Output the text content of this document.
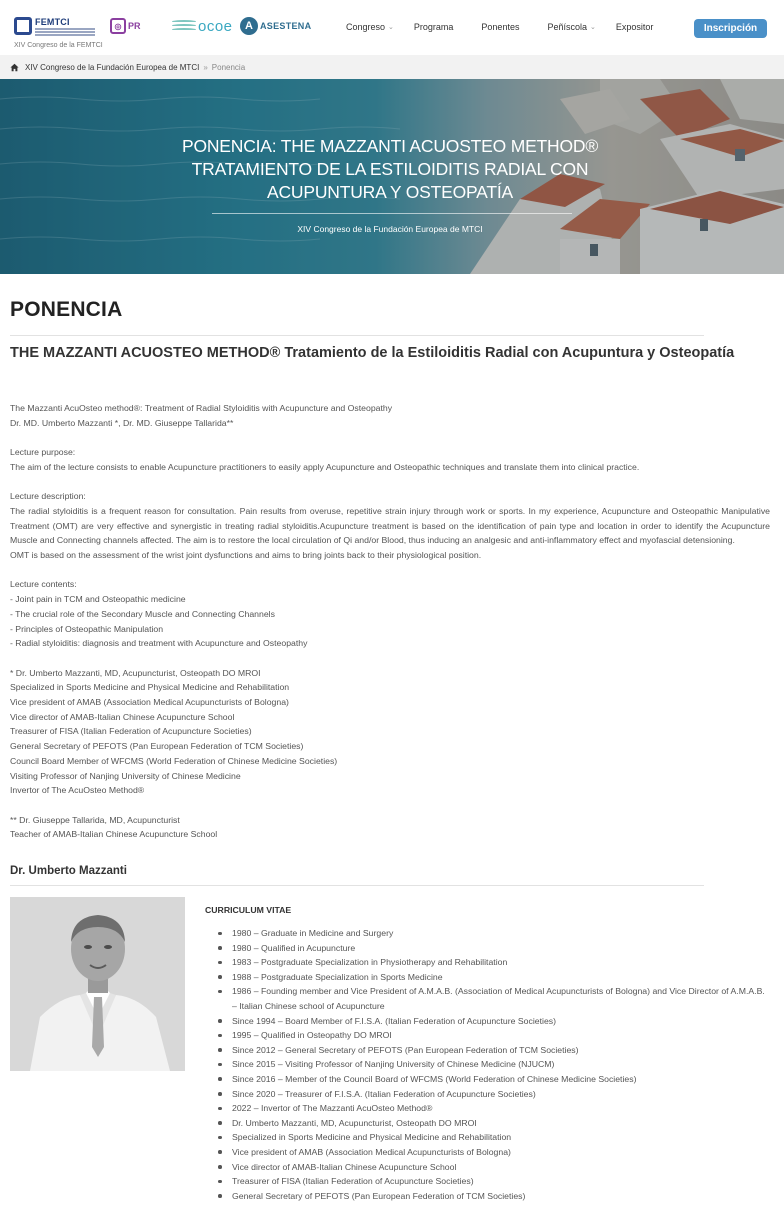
FEMTCI	◎ PR	ocoe	A ASESTENA
XIV Congreso de la FEMTCI
Congreso ⌄ Programa	Ponentes	Peñíscola ⌄ Expositor	Inscripción
XIV Congreso de la Fundación Europea de MTCI » Ponencia
PONENCIA: THE MAZZANTI ACUOSTEO METHOD®
TRATAMIENTO DE LA ESTILOIDITIS RADIAL CON
ACUPUNTURA Y OSTEOPATÍA
XIV Congreso de la Fundación Europea de MTCI
PONENCIA
THE MAZZANTI ACUOSTEO METHOD® Tratamiento de la Estiloiditis Radial con Acupuntura y Osteopatía

The Mazzanti AcuOsteo method®: Treatment of Radial Styloiditis with Acupuncture and Osteopathy

Dr. MD. Umberto Mazzanti *, Dr. MD. Giuseppe Tallarida**

Lecture purpose:

The aim of the lecture consists to enable Acupuncture practitioners to easily apply Acupuncture and Osteopathic techniques and translate them into clinical practice.

Lecture description:

The radial styloiditis is a frequent reason for consultation. Pain results from overuse, repetitive strain injury through work or sports. In my experience, Acupuncture and Osteopathic Manipulative Treatment (OMT) are very effective and synergistic in treating radial styloiditis.Acupuncture treatment is based on the identification of pain type and location in order to identify the Acupuncture Muscle and Connecting channels affected. The aim is to restore the local circulation of Qi and/or Blood, thus inducing an analgesic and anti-inflammatory effect and myofascial detensioning.

OMT is based on the assessment of the wrist joint dysfunctions and aims to bring joints back to their physiological position.

Lecture contents:

- Joint pain in TCM and Osteopathic medicine

- The crucial role of the Secondary Muscle and Connecting Channels

- Principles of Osteopathic Manipulation

- Radial styloiditis: diagnosis and treatment with Acupuncture and Osteopathy

* Dr. Umberto Mazzanti, MD, Acupuncturist, Osteopath DO MROI

Specialized in Sports Medicine and Physical Medicine and Rehabilitation

Vice president of AMAB (Association Medical Acupuncturists of Bologna)

Vice director of AMAB-Italian Chinese Acupuncture School

Treasurer of FISA (Italian Federation of Acupuncture Societies)

General Secretary of PEFOTS (Pan European Federation of TCM Societies)

Council Board Member of WFCMS (World Federation of Chinese Medicine Societies)

Visiting Professor of Nanjing University of Chinese Medicine

Invertor of The AcuOsteo Method®

** Dr. Giuseppe Tallarida, MD, Acupuncturist

Teacher of AMAB-Italian Chinese Acupuncture School

Dr. Umberto Mazzanti
CURRICULUM VITAE
1980 – Graduate in Medicine and Surgery
1980 – Qualified in Acupuncture
1983 – Postgraduate Specialization in Physiotherapy and Rehabilitation
1988 – Postgraduate Specialization in Sports Medicine
1986 – Founding member and Vice President of A.M.A.B. (Association of Medical Acupuncturists of Bologna) and Vice Director of A.M.A.B. – Italian Chinese school of Acupuncture
Since 1994 – Board Member of F.I.S.A. (Italian Federation of Acupuncture Societies)
1995 – Qualified in Osteopathy DO MROI
Since 2012 – General Secretary of PEFOTS (Pan European Federation of TCM Societies)
Since 2015 – Visiting Professor of Nanjing University of Chinese Medicine (NJUCM)
Since 2016 – Member of the Council Board of WFCMS (World Federation of Chinese Medicine Societies)
Since 2020 – Treasurer of F.I.S.A. (Italian Federation of Acupuncture Societies)
2022 – Invertor of The Mazzanti AcuOsteo Method®
Dr. Umberto Mazzanti, MD, Acupuncturist, Osteopath DO MROI
Specialized in Sports Medicine and Physical Medicine and Rehabilitation
Vice president of AMAB (Association Medical Acupuncturists of Bologna)
Vice director of AMAB-Italian Chinese Acupuncture School
Treasurer of FISA (Italian Federation of Acupuncture Societies)
General Secretary of PEFOTS (Pan European Federation of TCM Societies)
